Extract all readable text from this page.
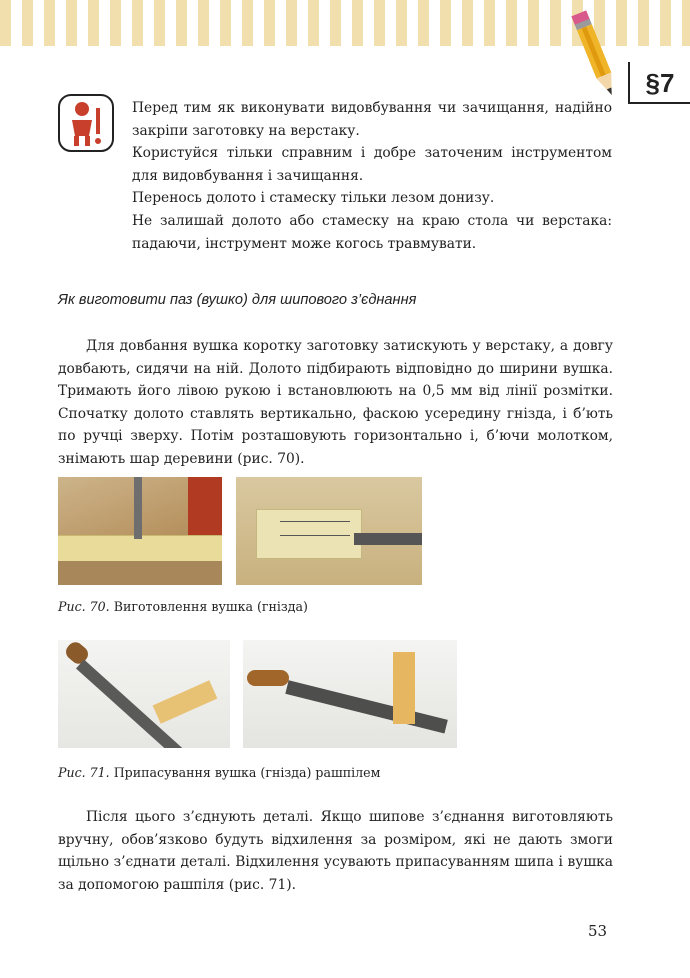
§7

Перед тим як виконувати видовбування чи зачищання, надійно закріпи заготовку на верстаку.

Користуйся тільки справним і добре заточеним інструментом для видовбування і зачищання.

Перенось долото і стамеску тільки лезом донизу.

Не залишай долото або стамеску на краю стола чи верстака: падаючи, інструмент може когось травмувати.

Як виготовити паз (вушко) для шипового з’єднання

Для довбання вушка коротку заготовку затискують у верстаку, а довгу довбають, сидячи на ній. Долото підбирають відповідно до ширини вушка. Тримають його лівою рукою і встановлюють на 0,5 мм від лінії розмітки. Спочатку долото ставлять вертикально, фаскою усередину гнізда, і б’ють по ручці зверху. Потім розташовують горизонтально і, б’ючи молотком, знімають шар деревини (рис. 70).

Рис. 70. Виготовлення вушка (гнізда)
Рис. 71. Припасування вушка (гнізда) рашпілем

Після цього з’єднують деталі. Якщо шипове з’єднання виготовляють вручну, обов’язково будуть відхилення за розміром, які не дають змоги щільно з’єднати деталі. Відхилення усувають припасуванням шипа і вушка за допомогою рашпіля (рис. 71).

53
